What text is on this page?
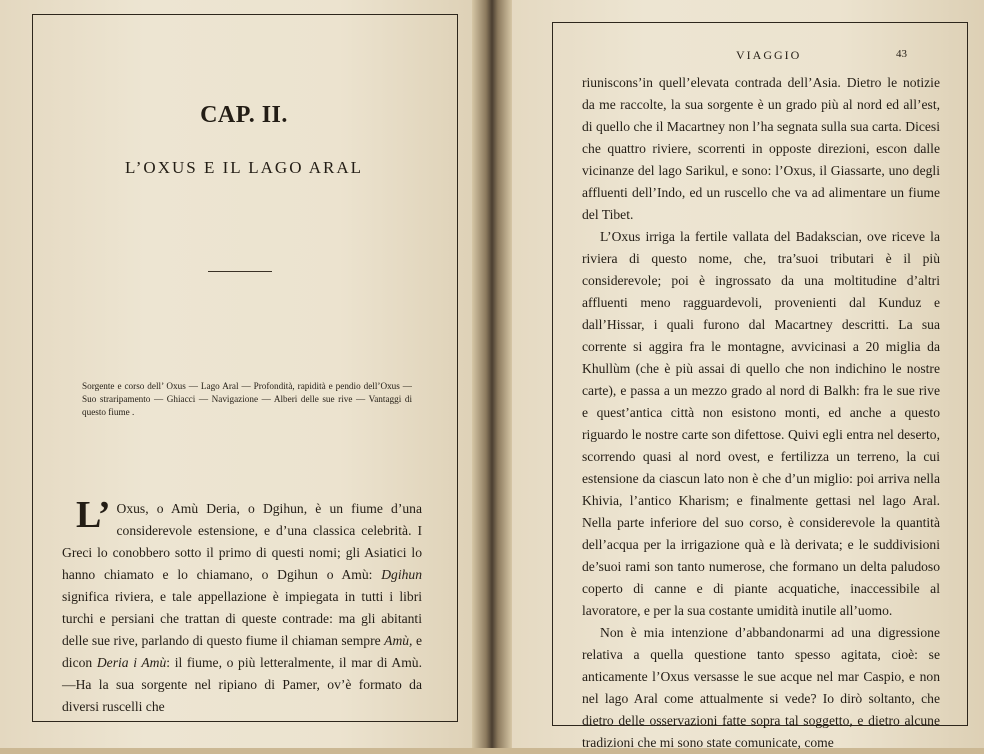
CAP. II.
L’OXUS E IL LAGO ARAL
Sorgente e corso dell’ Oxus — Lago Aral — Profondità, rapidità e pendio dell’Oxus — Suo straripamento — Ghiacci — Navigazione — Alberi delle sue rive — Vantaggi di questo fiume .

L’ Oxus, o Amù Deria, o Dgihun, è un fiume d’una considerevole estensione, e d’una classica celebrità. I Greci lo conobbero sotto il primo di questi nomi; gli Asiatici lo hanno chiamato e lo chiamano, o Dgihun o Amù: Dgihun significa riviera, e tale appellazione è impiegata in tutti i libri turchi e persiani che trattan di queste contrade: ma gli abitanti delle sue rive, parlando di questo fiume il chiaman sempre Amù, e dicon Deria i Amù: il fiume, o più letteralmente, il mar di Amù. —Ha la sua sorgente nel ripiano di Pamer, ov’è formato da diversi ruscelli che

VIAGGIO	43

riuniscons’in quell’elevata contrada dell’Asia. Dietro le notizie da me raccolte, la sua sorgente è un grado più al nord ed all’est, di quello che il Macartney non l’ha segnata sulla sua carta. Dicesi che quattro riviere, scorrenti in opposte direzioni, escon dalle vicinanze del lago Sarikul, e sono: l’Oxus, il Giassarte, uno degli affluenti dell’Indo, ed un ruscello che va ad alimentare un fiume del Tibet.

L’Oxus irriga la fertile vallata del Badakscian, ove riceve la riviera di questo nome, che, tra’suoi tributari è il più considerevole; poi è ingrossato da una moltitudine d’altri affluenti meno ragguardevoli, provenienti dal Kunduz e dall’Hissar, i quali furono dal Macartney descritti. La sua corrente si aggira fra le montagne, avvicinasi a 20 miglia da Khullùm (che è più assai di quello che non indichino le nostre carte), e passa a un mezzo grado al nord di Balkh: fra le sue rive e quest’antica città non esistono monti, ed anche a questo riguardo le nostre carte son difettose. Quivi egli entra nel deserto, scorrendo quasi al nord ovest, e fertilizza un terreno, la cui estensione da ciascun lato non è che d’un miglio: poi arriva nella Khivia, l’antico Kharism; e finalmente gettasi nel lago Aral. Nella parte inferiore del suo corso, è considerevole la quantità dell’acqua per la irrigazione quà e là derivata; e le suddivisioni de’suoi rami son tanto numerose, che formano un delta paludoso coperto di canne e di piante acquatiche, inaccessibile al lavoratore, e per la sua costante umidità inutile all’uomo.

Non è mia intenzione d’abbandonarmi ad una digressione relativa a quella questione tanto spesso agitata, cioè: se anticamente l’Oxus versasse le sue acque nel mar Caspio, e non nel lago Aral come attualmente si vede? Io dirò soltanto, che dietro delle osservazioni fatte sopra tal soggetto, e dietro alcune tradizioni che mi sono state comunicate, come
